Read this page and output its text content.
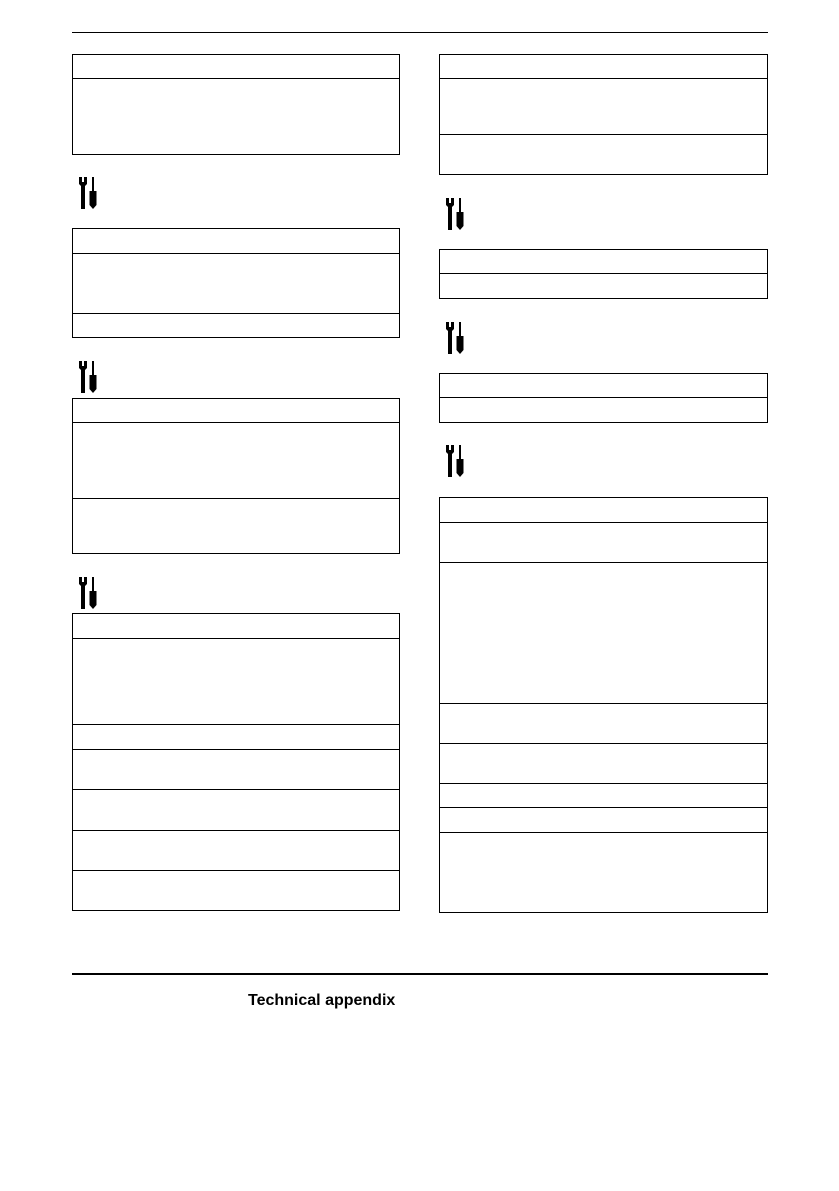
Technical appendix
